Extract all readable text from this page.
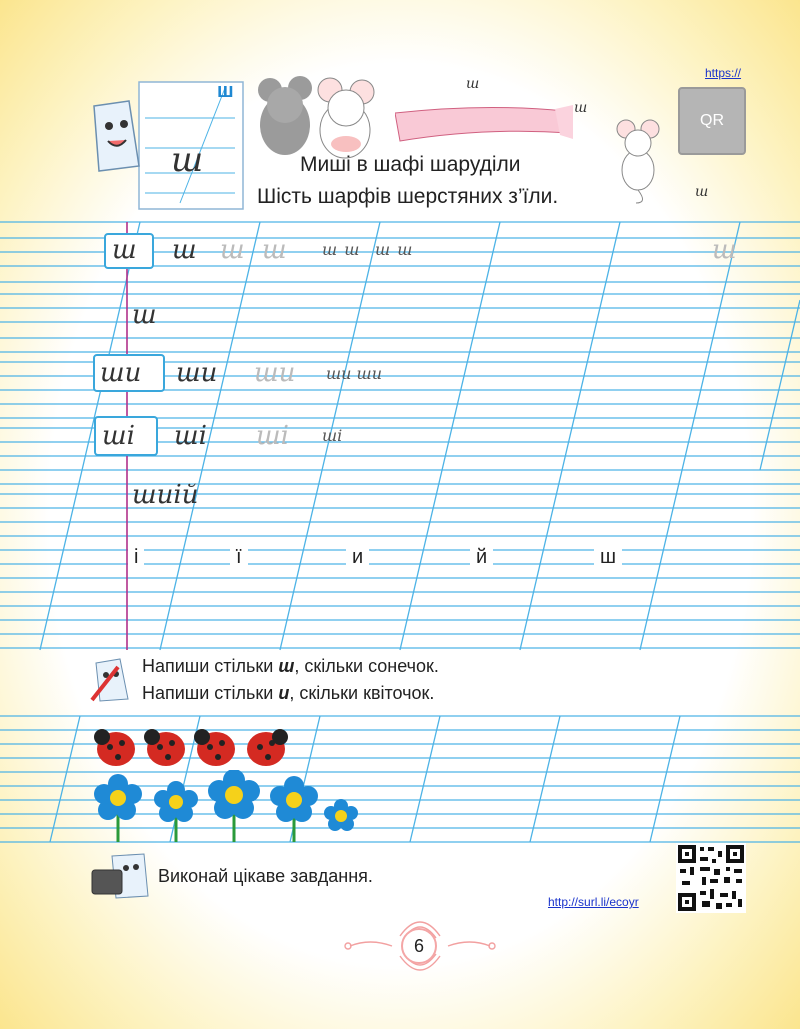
ш
ш
ш
ш
ш
Миші в шафі шаруділи
Шість шарфів шерстяних з’їли.
https://
QR
ш ш ш ш ш ш ш ш	ш
ш
ши ши ши ши ши
ші ші ші ші
шиій
і	ї	и	й	ш
Напиши стільки ш, скільки сонечок.
Напиши стільки и, скільки квіточок.
Виконай цікаве завдання.
http://surl.li/ecoyr
6
